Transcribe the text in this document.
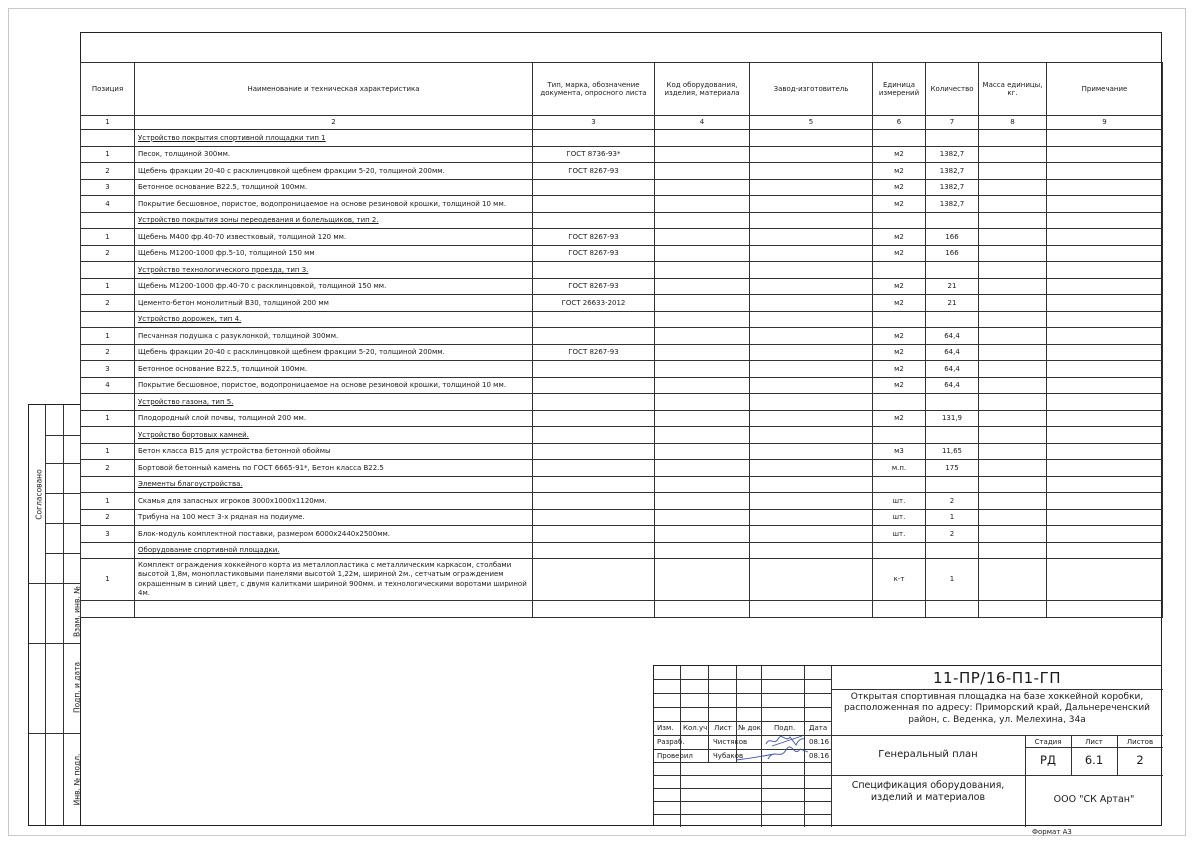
Позиция	Наименование и техническая характеристика	Тип, марка, обозначение документа, опросного листа	Код оборудования, изделия, материала	Завод-изготовитель	Единица измерений	Количество	Масса единицы, кг.	Примечание
1	2	3	4	5	6	7	8	9
	Устройство покрытия спортивной площадки тип 1							
1	Песок, толщиной 300мм.	ГОСТ 8736-93*			м2	1382,7		
2	Щебень фракции 20-40 с расклинцовкой щебнем фракции 5-20, толщиной 200мм.	ГОСТ 8267-93			м2	1382,7		
3	Бетонное основание В22.5, толщиной 100мм.				м2	1382,7		
4	Покрытие бесшовное, пористое, водопроницаемое на основе резиновой крошки, толщиной 10 мм.				м2	1382,7		
	Устройство покрытия зоны переодевания и болельщиков, тип 2.							
1	Щебень М400 фр.40-70 известковый, толщиной 120 мм.	ГОСТ 8267-93			м2	166		
2	Щебень М1200-1000 фр.5-10, толщиной 150 мм	ГОСТ 8267-93			м2	166		
	Устройство технологического проезда, тип 3.							
1	Щебень М1200-1000 фр.40-70 с расклинцовкой, толщиной 150 мм.	ГОСТ 8267-93			м2	21		
2	Цементо-бетон монолитный В30, толщиной 200 мм	ГОСТ 26633-2012			м2	21		
	Устройство дорожек, тип 4.							
1	Песчанная подушка с разуклонкой, толщиной 300мм.				м2	64,4		
2	Щебень фракции 20-40 с расклинцовкой щебнем фракции 5-20, толщиной 200мм.	ГОСТ 8267-93			м2	64,4		
3	Бетонное основание В22.5, толщиной 100мм.				м2	64,4		
4	Покрытие бесшовное, пористое, водопроницаемое на основе резиновой крошки, толщиной 10 мм.				м2	64,4		
	Устройство газона, тип 5.							
1	Плодородный слой почвы, толщиной 200 мм.				м2	131,9		
	Устройство бортовых камней.							
1	Бетон класса В15 для устройства бетонной обоймы				м3	11,65		
2	Бортовой бетонный камень по ГОСТ 6665-91*, Бетон класса В22.5				м.п.	175		
	Элементы благоустройства.							
1	Скамья для запасных игроков 3000х1000х1120мм.				шт.	2		
2	Трибуна на 100 мест 3-х рядная на подиуме.				шт.	1		
3	Блок-модуль комплектной поставки, размером 6000х2440х2500мм.				шт.	2		
	Оборудование спортивной площадки.							
1	Комплект ограждения хоккейного корта из металлопластика с металлическим каркасом, столбами высотой 1,8м, монопластиковыми панелями высотой 1,22м, шириной 2м., сетчатым ограждением окрашенным в синий цвет, с двумя калитками шириной 900мм. и технологическими воротами шириной 4м.				к-т	1		

Согласовано
Взам. инв. №
Подп. и дата
Инв. № подл.
Изм. Кол.уч Лист № док Подп. Дата
Разраб.	Чистяков	08.16
Проверил	Чубаков	08.16
11-ПР/16-П1-ГП
Открытая спортивная площадка на базе хоккейной коробки, расположенная по адресу: Приморский край, Дальнереченский район, с. Веденка, ул. Мелехина, 34а
Генеральный план
Спецификация оборудования, изделий и материалов
Стадия	Лист	Листов
РД	6.1	2
ООО "СК Артан"
Формат А3
